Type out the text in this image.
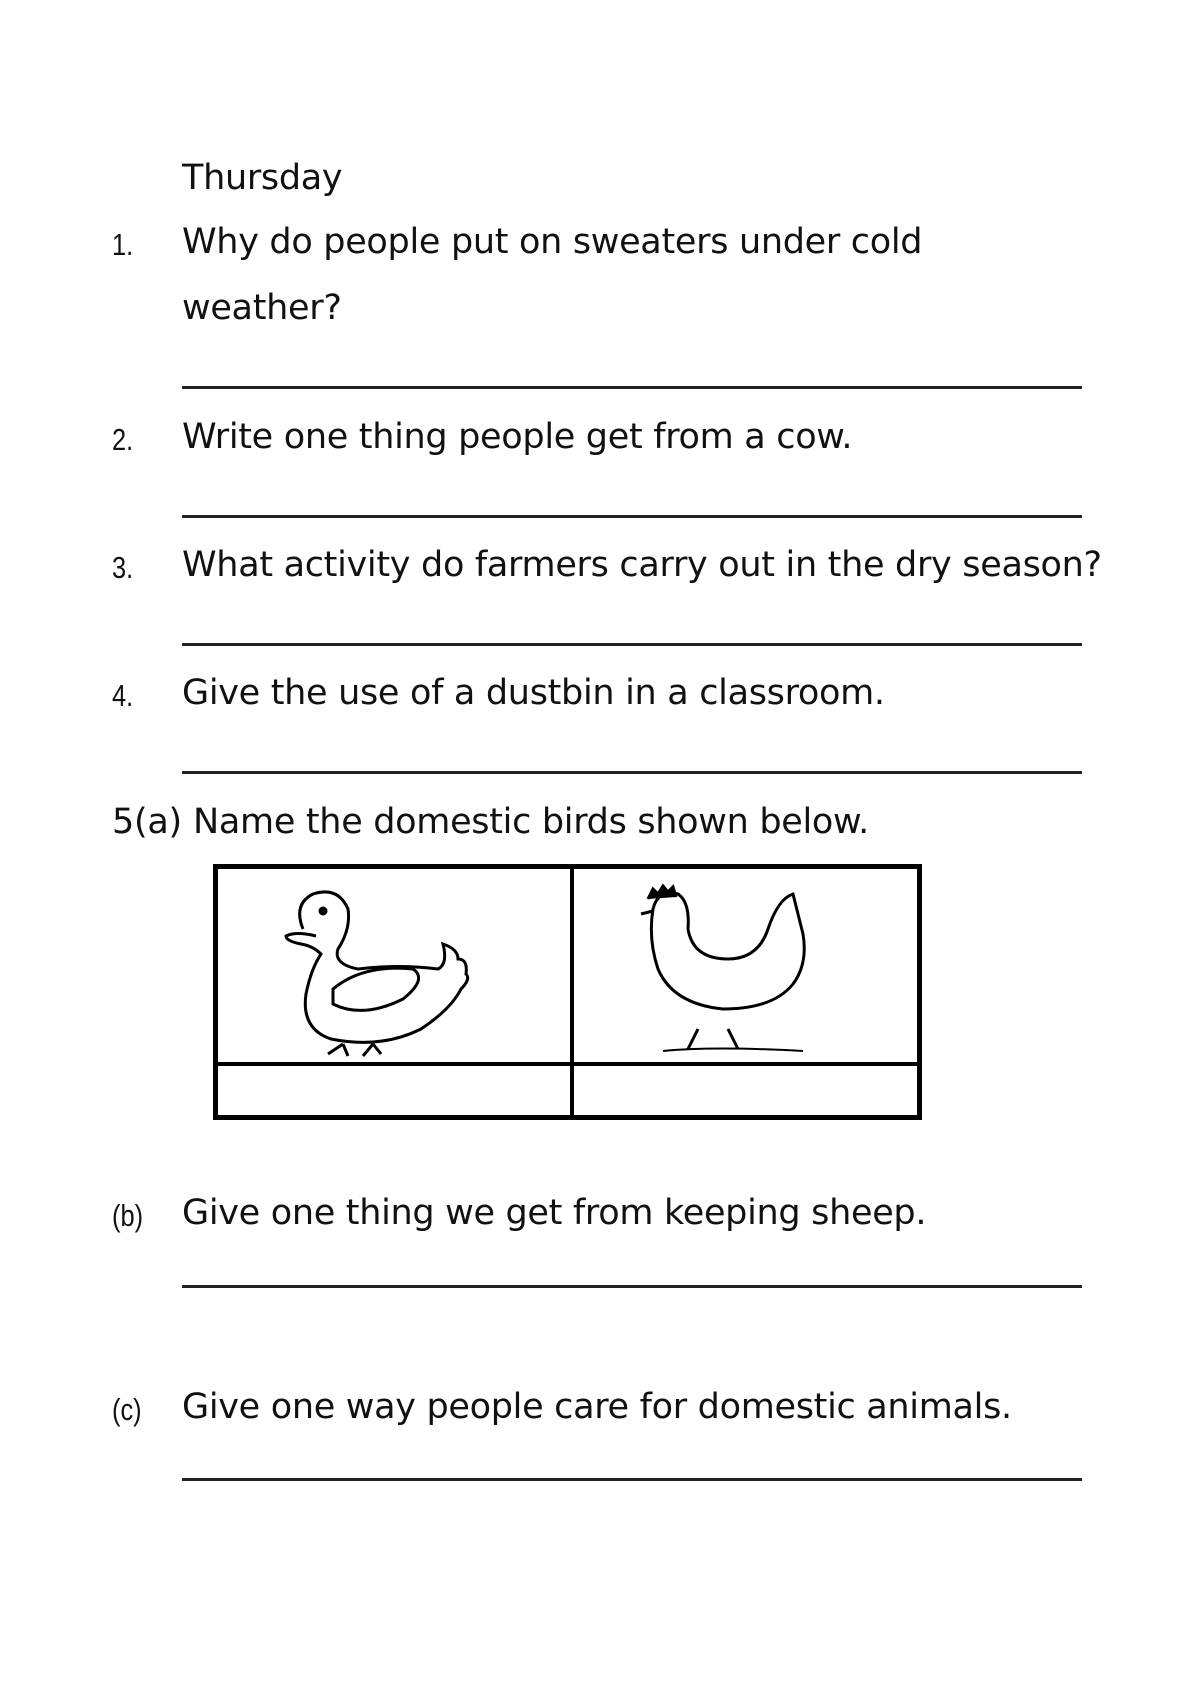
Thursday
1. Why do people put on sweaters under cold
weather?
2. Write one thing people get from a cow.
3. What activity do farmers carry out in the dry season?
4. Give the use of a dustbin in a classroom.
5(a) Name the domestic birds shown below.
(b) Give one thing we get from keeping sheep.
(c) Give one way people care for domestic animals.
